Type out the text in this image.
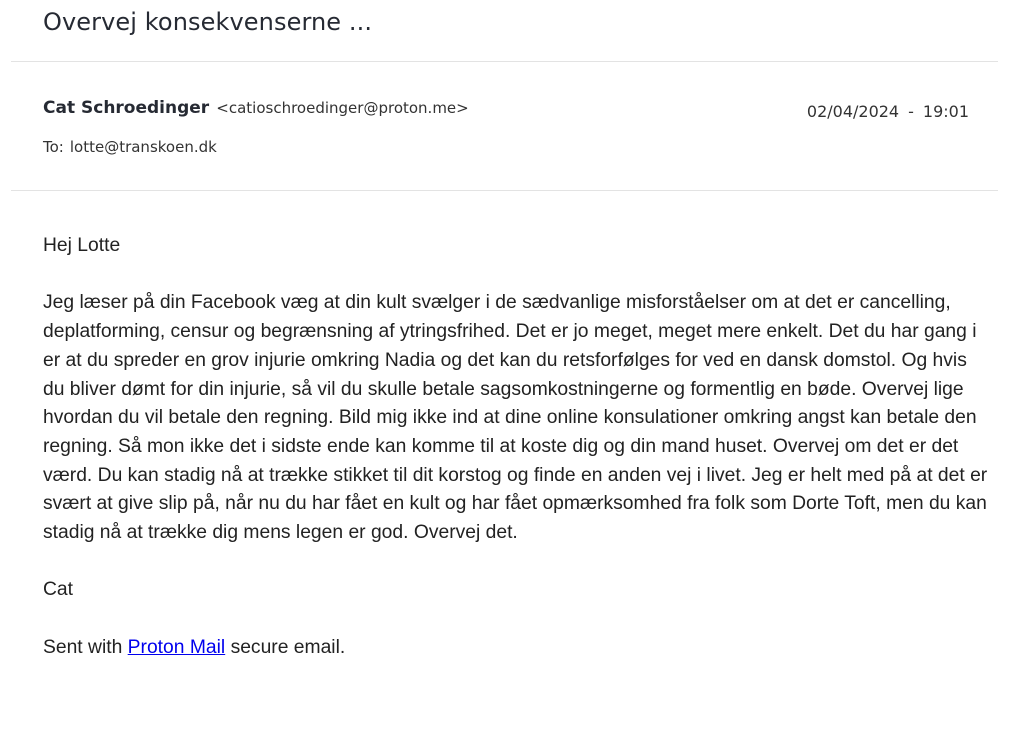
Overvej konsekvenserne ...
Cat Schroedinger <catioschroedinger@proton.me>	02/04/2024 - 19:01
To: lotte@transkoen.dk

Hej Lotte

Jeg læser på din Facebook væg at din kult svælger i de sædvanlige misforståelser om at det er cancelling, deplatforming, censur og begrænsning af ytringsfrihed. Det er jo meget, meget mere enkelt. Det du har gang i er at du spreder en grov injurie omkring Nadia og det kan du retsforfølges for ved en dansk domstol. Og hvis du bliver dømt for din injurie, så vil du skulle betale sagsomkostningerne og formentlig en bøde. Overvej lige hvordan du vil betale den regning. Bild mig ikke ind at dine online konsulationer omkring angst kan betale den regning. Så mon ikke det i sidste ende kan komme til at koste dig og din mand huset. Overvej om det er det værd. Du kan stadig nå at trække stikket til dit korstog og finde en anden vej i livet. Jeg er helt med på at det er svært at give slip på, når nu du har fået en kult og har fået opmærksomhed fra folk som Dorte Toft, men du kan stadig nå at trække dig mens legen er god. Overvej det.

Cat

Sent with Proton Mail secure email.
